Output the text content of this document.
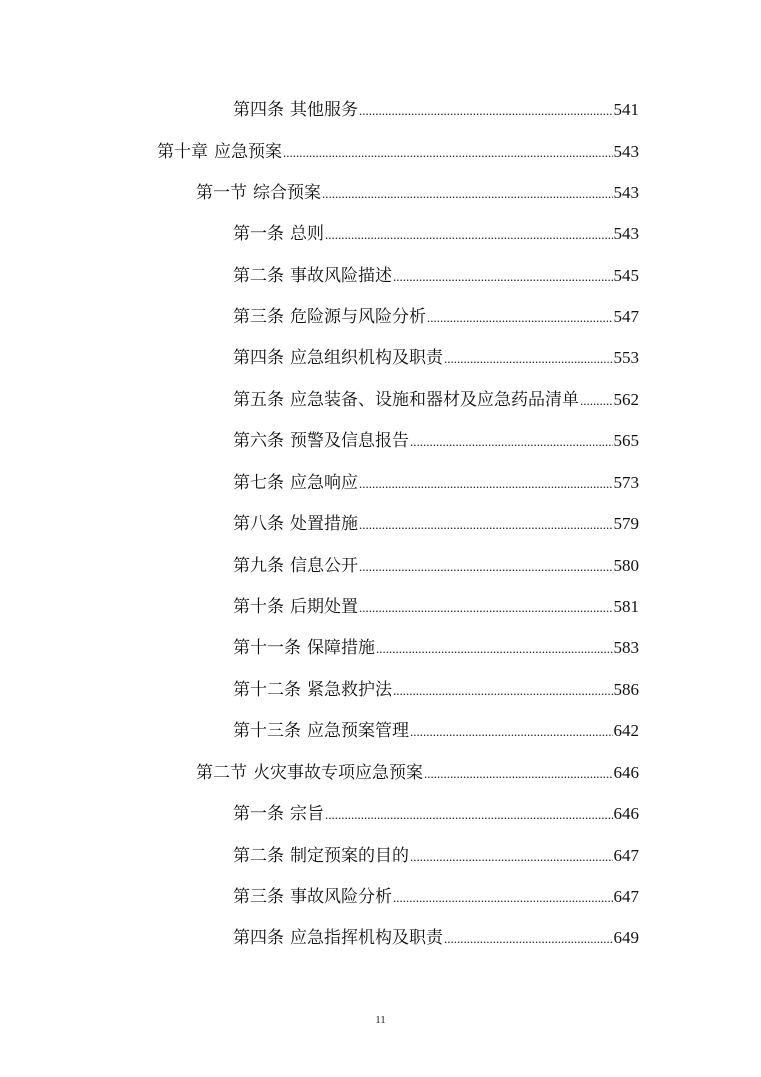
第四条 其他服务 .....	541
第十章 应急预案 .....	543
第一节 综合预案 .....	543
第一条 总则 .....	543
第二条 事故风险描述 .....	545
第三条 危险源与风险分析 .....	547
第四条 应急组织机构及职责 .....	553
第五条 应急装备、设施和器材及应急药品清单 ..... 562
第六条 预警及信息报告 .....	565
第七条 应急响应 .....	573
第八条 处置措施 .....	579
第九条 信息公开 .....	580
第十条 后期处置 .....	581
第十一条 保障措施 .....	583
第十二条 紧急救护法 .....	586
第十三条 应急预案管理 .....	642
第二节 火灾事故专项应急预案 .....	646
第一条 宗旨 .....	646
第二条 制定预案的目的 .....	647
第三条 事故风险分析 .....	647
第四条 应急指挥机构及职责 .....	649
11
